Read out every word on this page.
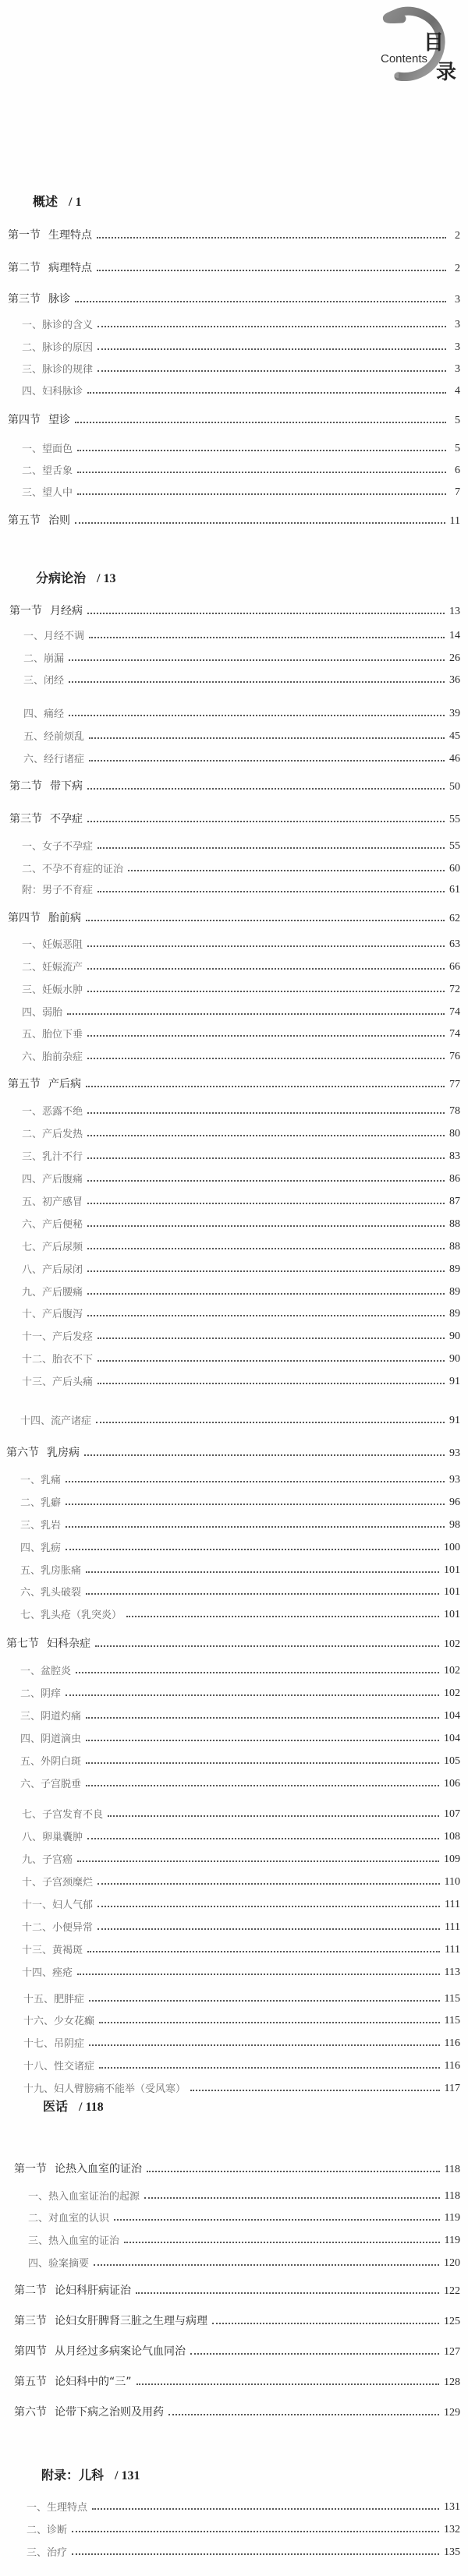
目
Contents
录
概述 / 1
分病论治 / 13
医话 / 118
附录：儿科 / 131
第一节 生理特点	2
第二节 病理特点	2
第三节 脉诊	3
一、脉诊的含义	3
二、脉诊的原因	3
三、脉诊的规律	3
四、妇科脉诊	4
第四节 望诊	5
一、望面色	5
二、望舌象	6
三、望人中	7
第五节 治则	11
第一节 月经病	13
一、月经不调	14
二、崩漏	26
三、闭经	36
四、痛经	39
五、经前烦乱	45
六、经行诸症	46
第二节 带下病	50
第三节 不孕症	55
一、女子不孕症	55
二、不孕不育症的证治	60
附：男子不育症	61
第四节 胎前病	62
一、妊娠恶阻	63
二、妊娠流产	66
三、妊娠水肿	72
四、弱胎	74
五、胎位下垂	74
六、胎前杂症	76
第五节 产后病	77
一、恶露不绝	78
二、产后发热	80
三、乳汁不行	83
四、产后腹痛	86
五、初产感冒	87
六、产后便秘	88
七、产后尿频	88
八、产后尿闭	89
九、产后腰痛	89
十、产后腹泻	89
十一、产后发痉	90
十二、胎衣不下	90
十三、产后头痛	91
十四、流产诸症	91
第六节 乳房病	93
一、乳痛	93
二、乳癖	96
三、乳岩	98
四、乳疬	100
五、乳房胀痛	101
六、乳头破裂	101
七、乳头疮（乳突炎）	101
第七节 妇科杂症	102
一、盆腔炎	102
二、阴痒	102
三、阴道灼痛	104
四、阴道滴虫	104
五、外阴白斑	105
六、子宫脱垂	106
七、子宫发育不良	107
八、卵巢囊肿	108
九、子宫癌	109
十、子宫颈糜烂	110
十一、妇人气郁	111
十二、小便异常	111
十三、黄褐斑	111
十四、痤疮	113
十五、肥胖症	115
十六、少女花癫	115
十七、吊阴症	116
十八、性交诸症	116
十九、妇人臂膀痛不能举（受风寒）	117
第一节 论热入血室的证治	118
一、热入血室证治的起源	118
二、对血室的认识	119
三、热入血室的证治	119
四、验案摘要	120
第二节 论妇科肝病证治	122
第三节 论妇女肝脾肾三脏之生理与病理	125
第四节 从月经过多病案论气血同治	127
第五节 论妇科中的“三”	128
第六节 论带下病之治则及用药	129
一、生理特点	131
二、诊断	132
三、治疗	135
